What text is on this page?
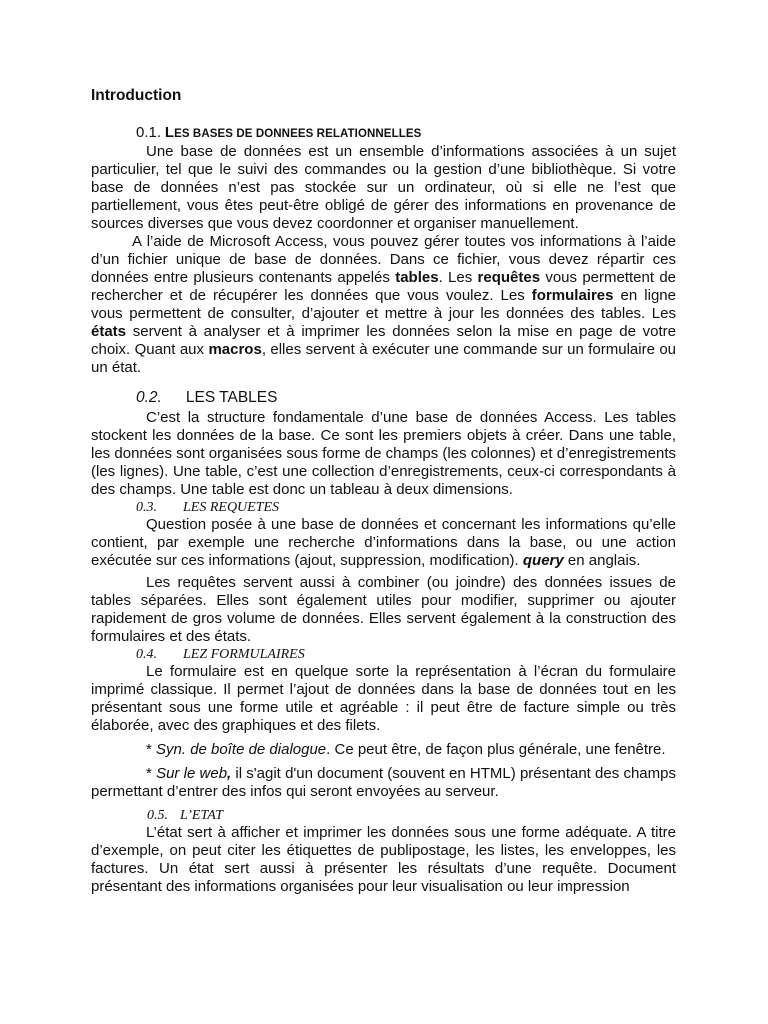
Introduction

0.1. LES BASES DE DONNEES RELATIONNELLES

Une base de données est un ensemble d’informations associées à un sujet particulier, tel que le suivi des commandes ou la gestion d’une bibliothèque. Si votre base de données n’est pas stockée sur un ordinateur, où si elle ne l’est que partiellement, vous êtes peut-être obligé de gérer des informations en provenance de sources diverses que vous devez coordonner et organiser manuellement.

A l’aide de Microsoft Access, vous pouvez gérer toutes vos informations à l’aide d’un fichier unique de base de données. Dans ce fichier, vous devez répartir ces données entre plusieurs contenants appelés tables. Les requêtes vous permettent de rechercher et de récupérer les données que vous voulez. Les formulaires en ligne vous permettent de consulter, d’ajouter et mettre à jour les données des tables. Les états servent à analyser et à imprimer les données selon la mise en page de votre choix. Quant aux macros, elles servent à exécuter une commande sur un formulaire ou un état.

0.2. LES TABLES

C’est la structure fondamentale d’une base de données Access. Les tables stockent les données de la base. Ce sont les premiers objets à créer. Dans une table, les données sont organisées sous forme de champs (les colonnes) et d’enregistrements (les lignes). Une table, c’est une collection d’enregistrements, ceux-ci correspondants à des champs. Une table est donc un tableau à deux dimensions.

0.3. LES REQUETES

Question posée à une base de données et concernant les informations qu’elle contient, par exemple une recherche d’informations dans la base, ou une action exécutée sur ces informations (ajout, suppression, modification). query en anglais.

Les requêtes servent aussi à combiner (ou joindre) des données issues de tables séparées. Elles sont également utiles pour modifier, supprimer ou ajouter rapidement de gros volume de données. Elles servent également à la construction des formulaires et des états.

0.4. LEZ FORMULAIRES

Le formulaire est en quelque sorte la représentation à l’écran du formulaire imprimé classique. Il permet l’ajout de données dans la base de données tout en les présentant sous une forme utile et agréable : il peut être de facture simple ou très élaborée, avec des graphiques et des filets.

* Syn. de boîte de dialogue. Ce peut être, de façon plus générale, une fenêtre.

* Sur le web, il s'agit d'un document (souvent en HTML) présentant des champs permettant d’entrer des infos qui seront envoyées au serveur.

0.5. L’ETAT

L’état sert à afficher et imprimer les données sous une forme adéquate. A titre d’exemple, on peut citer les étiquettes de publipostage, les listes, les enveloppes, les factures. Un état sert aussi à présenter les résultats d’une requête. Document présentant des informations organisées pour leur visualisation ou leur impression
